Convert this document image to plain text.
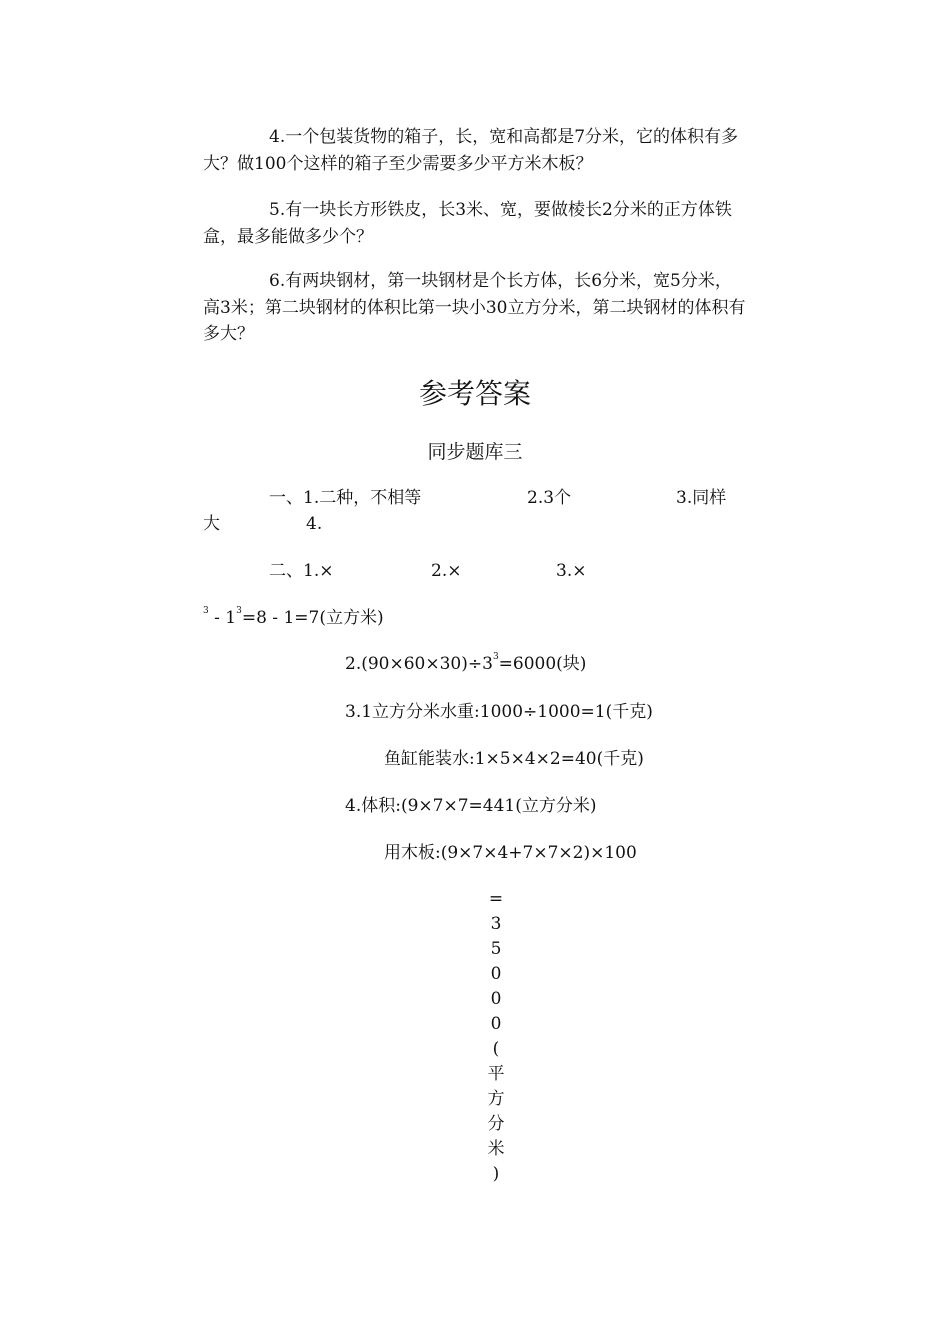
4.一个包装货物的箱子，长，宽和高都是7分米，它的体积有多大？做100个这样的箱子至少需要多少平方米木板？
5.有一块长方形铁皮，长3米、宽，要做棱长2分米的正方体铁盒，最多能做多少个？
6.有两块钢材，第一块钢材是个长方体，长6分米，宽5分米，高3米；第二块钢材的体积比第一块小30立方分米，第二块钢材的体积有多大？
参考答案
同步题库三
一、1.二种，不相等	2.3个	3.同样
大	4.
二、1.×	2.×	3.×
$^3 - 1^3=8 - 1=7$(立方米)
$2.(90\times 60\times 30)\div 3^3=6000$(块)
3.1立方分米水重:1000÷1000=1(千克)
鱼缸能装水:1×5×4×2=40(千克)
4.体积:(9×7×7=441(立方分米)
用木板:(9×7×4+7×7×2)×100
=
3
5
0
0
0
(
平
方
分
米
)
